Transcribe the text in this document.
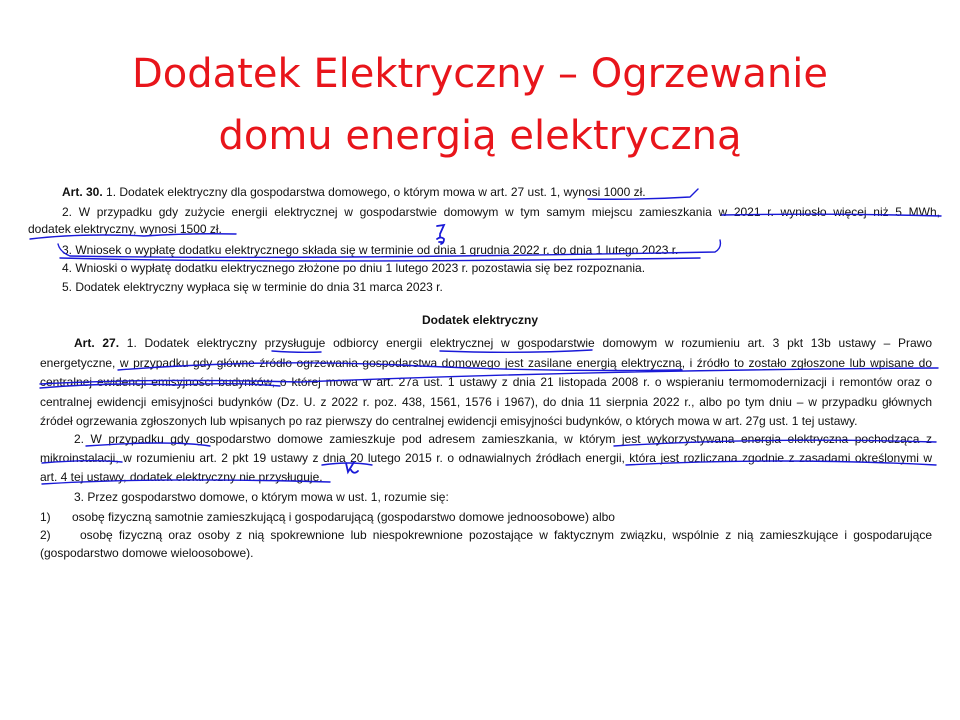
Dodatek Elektryczny – Ogrzewanie
domu energią elektryczną
Art. 30. 1. Dodatek elektryczny dla gospodarstwa domowego, o którym mowa w art. 27 ust. 1, wynosi 1000 zł.
2. W przypadku gdy zużycie energii elektrycznej w gospodarstwie domowym w tym samym miejscu zamieszkania w 2021 r. wyniosło więcej niż 5 MWh,
dodatek elektryczny, wynosi 1500 zł.
3. Wniosek o wypłatę dodatku elektrycznego składa się w terminie od dnia 1 grudnia 2022 r. do dnia 1 lutego 2023 r.
4. Wnioski o wypłatę dodatku elektrycznego złożone po dniu 1 lutego 2023 r. pozostawia się bez rozpoznania.
5. Dodatek elektryczny wypłaca się w terminie do dnia 31 marca 2023 r.
Dodatek elektryczny
Art. 27. 1. Dodatek elektryczny przysługuje odbiorcy energii elektrycznej w gospodarstwie domowym w rozumieniu art. 3 pkt 13b ustawy – Prawo
energetyczne, w przypadku gdy główne źródło ogrzewania gospodarstwa domowego jest zasilane energią elektryczną, i źródło to zostało zgłoszone lub wpisane do
centralnej ewidencji emisyjności budynków, o której mowa w art. 27a ust. 1 ustawy z dnia 21 listopada 2008 r. o wspieraniu termomodernizacji i remontów oraz o
centralnej ewidencji emisyjności budynków (Dz. U. z 2022 r. poz. 438, 1561, 1576 i 1967), do dnia 11 sierpnia 2022 r., albo po tym dniu – w przypadku głównych
źródeł ogrzewania zgłoszonych lub wpisanych po raz pierwszy do centralnej ewidencji emisyjności budynków, o których mowa w art. 27g ust. 1 tej ustawy.
2. W przypadku gdy gospodarstwo domowe zamieszkuje pod adresem zamieszkania, w którym jest wykorzystywana energia elektryczna pochodząca z
mikroinstalacji, w rozumieniu art. 2 pkt 19 ustawy z dnia 20 lutego 2015 r. o odnawialnych źródłach energii, która jest rozliczana zgodnie z zasadami określonymi w
art. 4 tej ustawy, dodatek elektryczny nie przysługuje.
3. Przez gospodarstwo domowe, o którym mowa w ust. 1, rozumie się:
1) osobę fizyczną samotnie zamieszkującą i gospodarującą (gospodarstwo domowe jednoosobowe) albo
2) osobę fizyczną oraz osoby z nią spokrewnione lub niespokrewnione pozostające w faktycznym związku, wspólnie z nią zamieszkujące i gospodarujące
(gospodarstwo domowe wieloosobowe).
